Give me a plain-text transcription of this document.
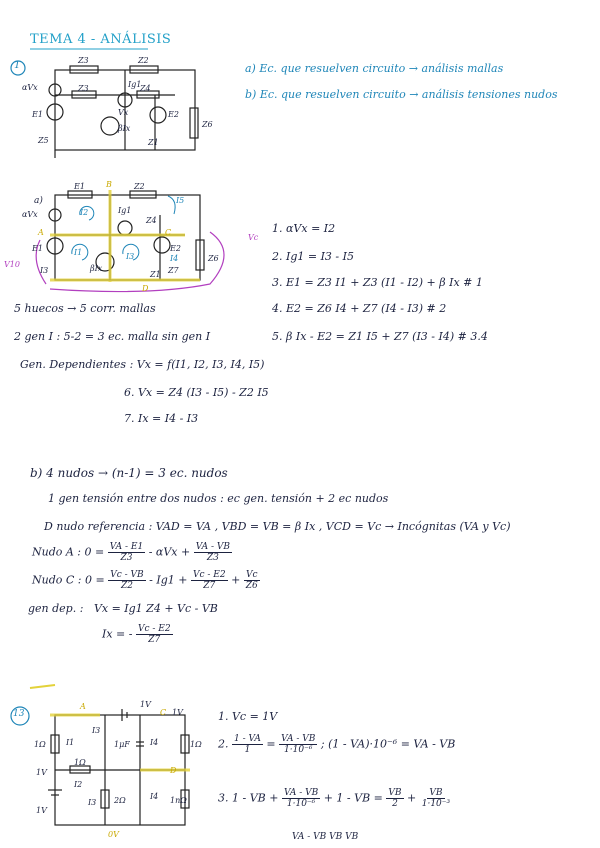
TEMA 4 - ANÁLISIS
1	a) Ec. que resuelven circuito → análisis mallas
b) Ec. que resuelven circuito → análisis tensiones nudos
Z3	Z2
αVx	Z3	Ig1
Z4
Vx
E1	E2
Z6
Z5
βIx
Z1
a)
E1	Z2
αVx	I2	Ig1
Z4
A
B
Vc
E1	I1
C
E2
I4	Z6
V10
I3	βIx
I5
Z1 Z7
D
I3
5 huecos → 5 corr. mallas
2 gen I : 5-2 = 3 ec. malla sin gen I
Gen. Dependientes : Vx = f(I1, I2, I3, I4, I5)
1. αVx = I2
2. Ig1 = I3 - I5
3. E1 = Z3 I1 + Z3 (I1 - I2) + β Ix # 1
4. E2 = Z6 I4 + Z7 (I4 - I3) # 2
5. β Ix - E2 = Z1 I5 + Z7 (I3 - I4) # 3.4
6. Vx = Z4 (I3 - I5) - Z2 I5
7. Ix = I4 - I3
b) 4 nudos → (n-1) = 3 ec. nudos
1 gen tensión entre dos nudos : ec gen. tensión + 2 ec nudos
D nudo referencia : VAD = VA , VBD = VB = β Ix , VCD = Vc → Incógnitas (VA y Vc)
Nudo A : $0 = \frac{VA - E1}{Z3} - \alpha Vx + \frac{VA - VB}{Z3}$
Nudo C : $0 = \frac{Vc - VB}{Z2} - Ig1 + \frac{Vc - E2}{Z7} + \frac{Vc}{Z6}$
gen dep. : Vx = Ig1 Z4 + Vc - VB
Ix = - $\frac{Vc - E2}{Z7}$
13
A	1V
C 1V
1Ω	I1
I3
1μF	I4	1Ω
1V
1Ω
D
I2
I3 2Ω	I4 1nΩ
1V
0V
1. Vc = 1V
2. $\frac{1 - VA}{1} = \frac{VA - VB}{\text{1·10⁻⁶}}$ ; (1 - VA)·10⁻⁶ = VA - VB
3. 1 - VB + $\frac{VA - VB}{\text{1·10⁻⁶}} + 1$ - VB = $\frac{VB}{2} + \frac{VB}{\text{1·10⁻³}}$
VA - VB VB VB
